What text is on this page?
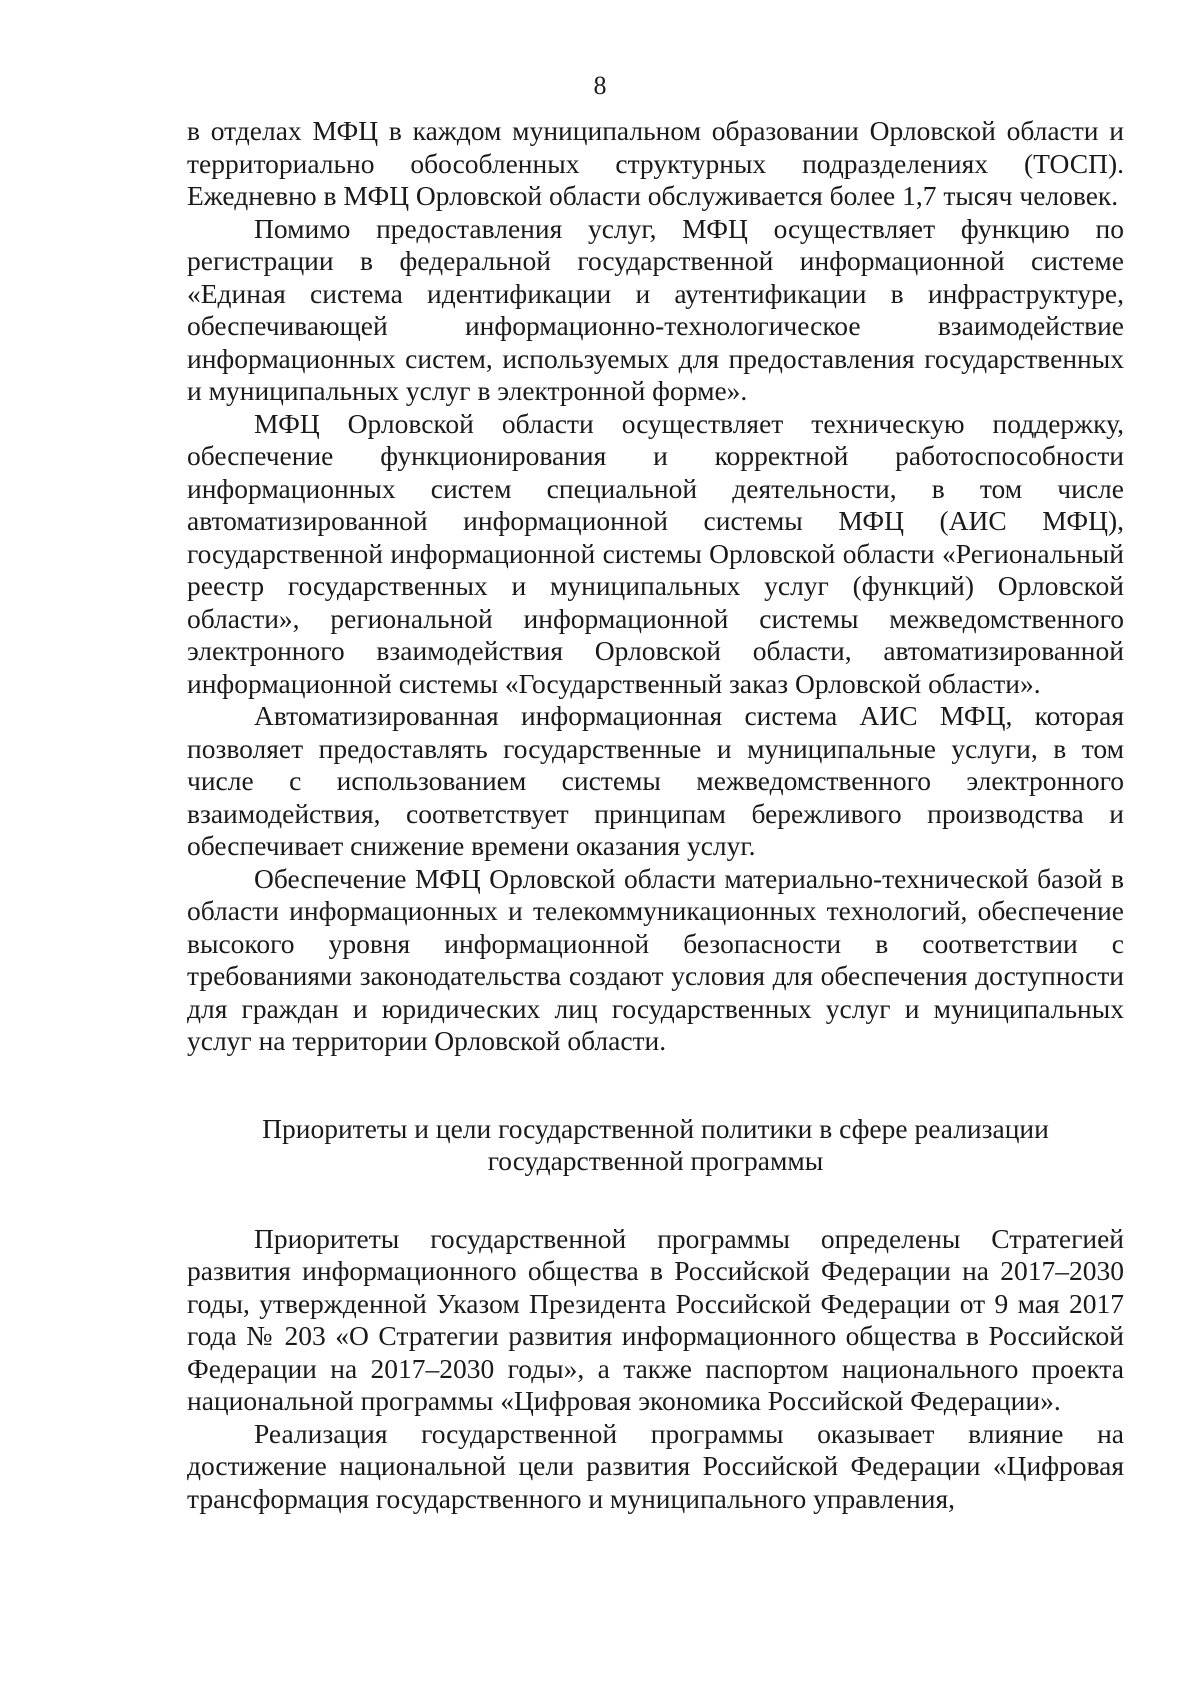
8

в отделах МФЦ в каждом муниципальном образовании Орловской области и территориально обособленных структурных подразделениях (ТОСП). Ежедневно в МФЦ Орловской области обслуживается более 1,7 тысяч человек.

Помимо предоставления услуг, МФЦ осуществляет функцию по регистрации в федеральной государственной информационной системе «Единая система идентификации и аутентификации в инфраструктуре, обеспечивающей информационно-технологическое взаимодействие информационных систем, используемых для предоставления государственных и муниципальных услуг в электронной форме».

МФЦ Орловской области осуществляет техническую поддержку, обеспечение функционирования и корректной работоспособности информационных систем специальной деятельности, в том числе автоматизированной информационной системы МФЦ (АИС МФЦ), государственной информационной системы Орловской области «Региональный реестр государственных и муниципальных услуг (функций) Орловской области», региональной информационной системы межведомственного электронного взаимодействия Орловской области, автоматизированной информационной системы «Государственный заказ Орловской области».

Автоматизированная информационная система АИС МФЦ, которая позволяет предоставлять государственные и муниципальные услуги, в том числе с использованием системы межведомственного электронного взаимодействия, соответствует принципам бережливого производства и обеспечивает снижение времени оказания услуг.

Обеспечение МФЦ Орловской области материально-технической базой в области информационных и телекоммуникационных технологий, обеспечение высокого уровня информационной безопасности в соответствии с требованиями законодательства создают условия для обеспечения доступности для граждан и юридических лиц государственных услуг и муниципальных услуг на территории Орловской области.

Приоритеты и цели государственной политики в сфере реализации государственной программы

Приоритеты государственной программы определены Стратегией развития информационного общества в Российской Федерации на 2017–2030 годы, утвержденной Указом Президента Российской Федерации от 9 мая 2017 года № 203 «О Стратегии развития информационного общества в Российской Федерации на 2017–2030 годы», а также паспортом национального проекта национальной программы «Цифровая экономика Российской Федерации».

Реализация государственной программы оказывает влияние на достижение национальной цели развития Российской Федерации «Цифровая трансформация государственного и муниципального управления,
